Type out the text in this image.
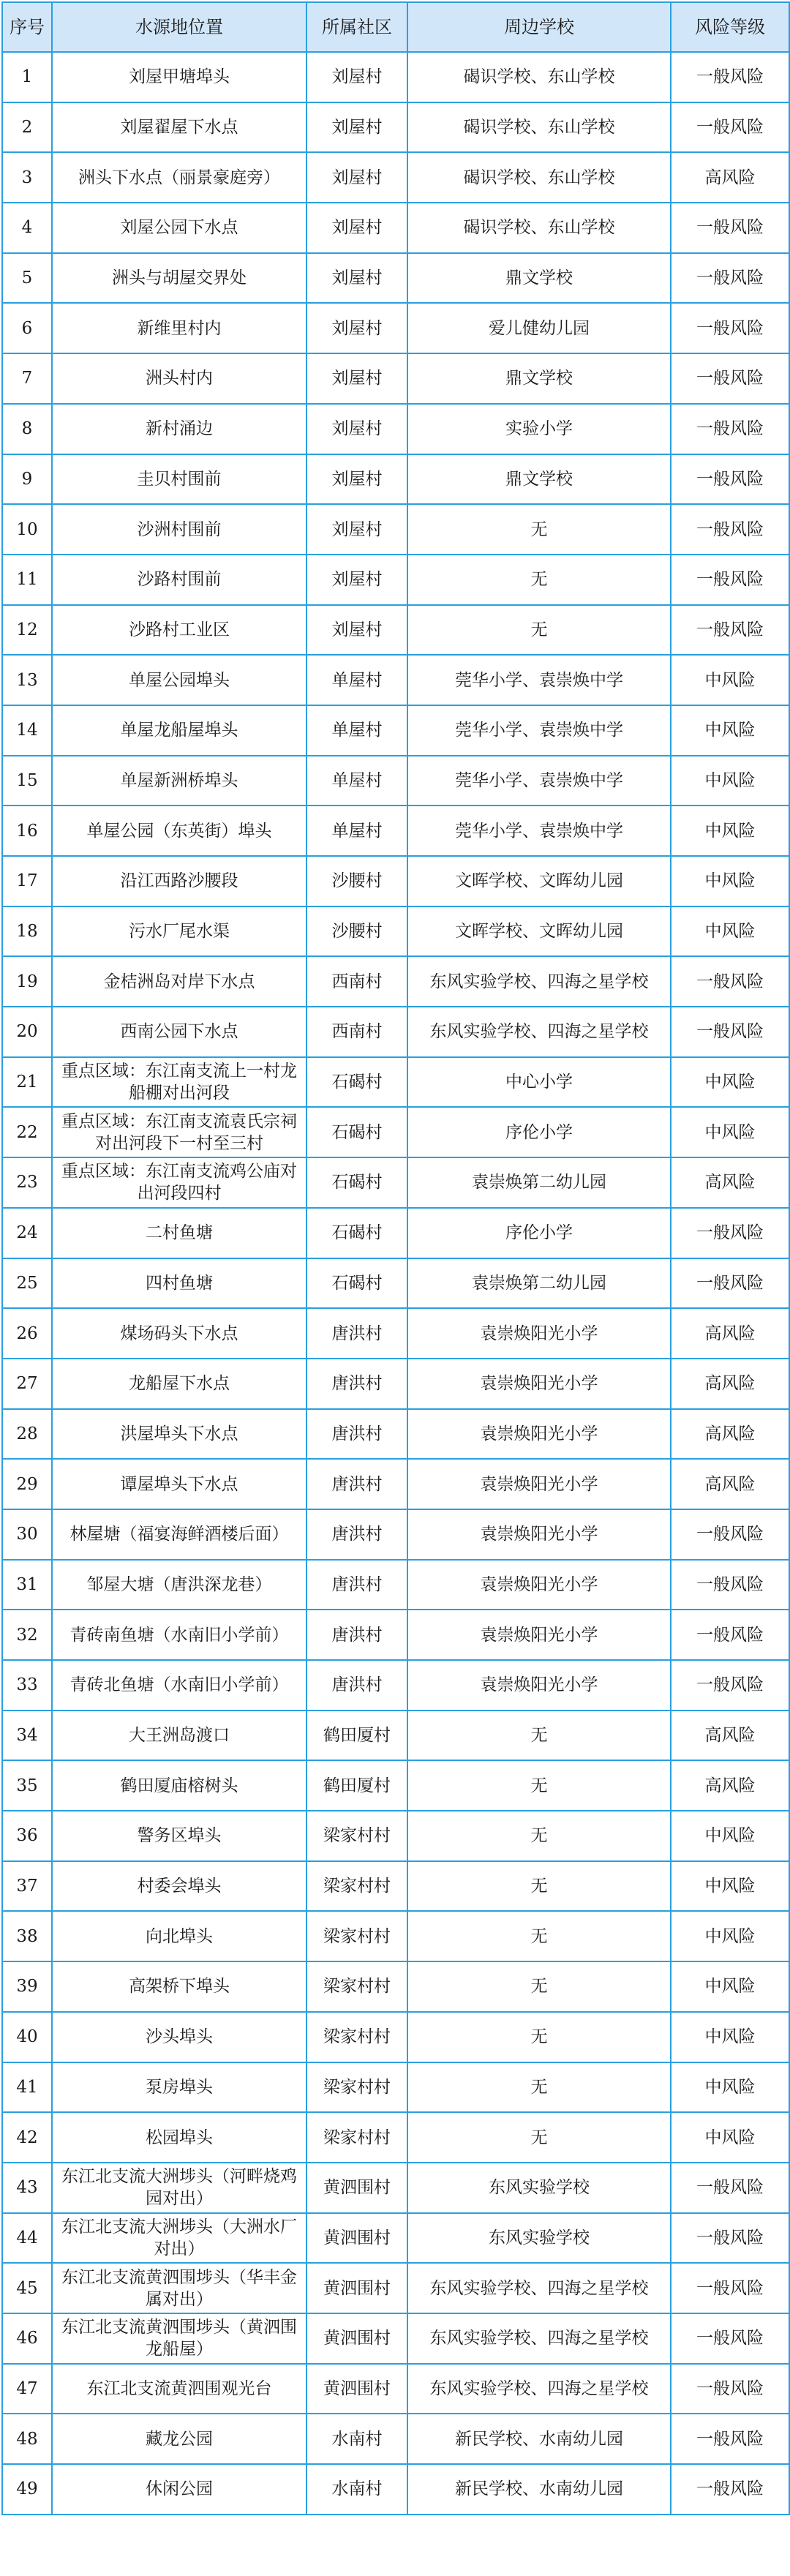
序号	水源地位置	所属社区	周边学校	风险等级
1	刘屋甲塘埠头	刘屋村	碣识学校、东山学校	一般风险
2	刘屋翟屋下水点	刘屋村	碣识学校、东山学校	一般风险
3	洲头下水点（丽景豪庭旁）	刘屋村	碣识学校、东山学校	高风险
4	刘屋公园下水点	刘屋村	碣识学校、东山学校	一般风险
5	洲头与胡屋交界处	刘屋村	鼎文学校	一般风险
6	新维里村内	刘屋村	爱儿健幼儿园	一般风险
7	洲头村内	刘屋村	鼎文学校	一般风险
8	新村涌边	刘屋村	实验小学	一般风险
9	圭贝村围前	刘屋村	鼎文学校	一般风险
10	沙洲村围前	刘屋村	无	一般风险
11	沙路村围前	刘屋村	无	一般风险
12	沙路村工业区	刘屋村	无	一般风险
13	单屋公园埠头	单屋村	莞华小学、袁崇焕中学	中风险
14	单屋龙船屋埠头	单屋村	莞华小学、袁崇焕中学	中风险
15	单屋新洲桥埠头	单屋村	莞华小学、袁崇焕中学	中风险
16	单屋公园（东英街）埠头	单屋村	莞华小学、袁崇焕中学	中风险
17	沿江西路沙腰段	沙腰村	文晖学校、文晖幼儿园	中风险
18	污水厂尾水渠	沙腰村	文晖学校、文晖幼儿园	中风险
19	金桔洲岛对岸下水点	西南村	东风实验学校、四海之星学校	一般风险
20	西南公园下水点	西南村	东风实验学校、四海之星学校	一般风险
21	重点区域：东江南支流上一村龙船棚对出河段	石碣村	中心小学	中风险
22	重点区域：东江南支流袁氏宗祠对出河段下一村至三村	石碣村	序伦小学	中风险
23	重点区域：东江南支流鸡公庙对出河段四村	石碣村	袁崇焕第二幼儿园	高风险
24	二村鱼塘	石碣村	序伦小学	一般风险
25	四村鱼塘	石碣村	袁崇焕第二幼儿园	一般风险
26	煤场码头下水点	唐洪村	袁崇焕阳光小学	高风险
27	龙船屋下水点	唐洪村	袁崇焕阳光小学	高风险
28	洪屋埠头下水点	唐洪村	袁崇焕阳光小学	高风险
29	谭屋埠头下水点	唐洪村	袁崇焕阳光小学	高风险
30	林屋塘（福宴海鲜酒楼后面）	唐洪村	袁崇焕阳光小学	一般风险
31	邹屋大塘（唐洪深龙巷）	唐洪村	袁崇焕阳光小学	一般风险
32	青砖南鱼塘（水南旧小学前）	唐洪村	袁崇焕阳光小学	一般风险
33	青砖北鱼塘（水南旧小学前）	唐洪村	袁崇焕阳光小学	一般风险
34	大王洲岛渡口	鹤田厦村	无	高风险
35	鹤田厦庙榕树头	鹤田厦村	无	高风险
36	警务区埠头	梁家村村	无	中风险
37	村委会埠头	梁家村村	无	中风险
38	向北埠头	梁家村村	无	中风险
39	高架桥下埠头	梁家村村	无	中风险
40	沙头埠头	梁家村村	无	中风险
41	泵房埠头	梁家村村	无	中风险
42	松园埠头	梁家村村	无	中风险
43	东江北支流大洲埗头（河畔烧鸡园对出）	黄泗围村	东风实验学校	一般风险
44	东江北支流大洲埗头（大洲水厂对出）	黄泗围村	东风实验学校	一般风险
45	东江北支流黄泗围埗头（华丰金属对出）	黄泗围村	东风实验学校、四海之星学校	一般风险
46	东江北支流黄泗围埗头（黄泗围龙船屋）	黄泗围村	东风实验学校、四海之星学校	一般风险
47	东江北支流黄泗围观光台	黄泗围村	东风实验学校、四海之星学校	一般风险
48	藏龙公园	水南村	新民学校、水南幼儿园	一般风险
49	休闲公园	水南村	新民学校、水南幼儿园	一般风险
